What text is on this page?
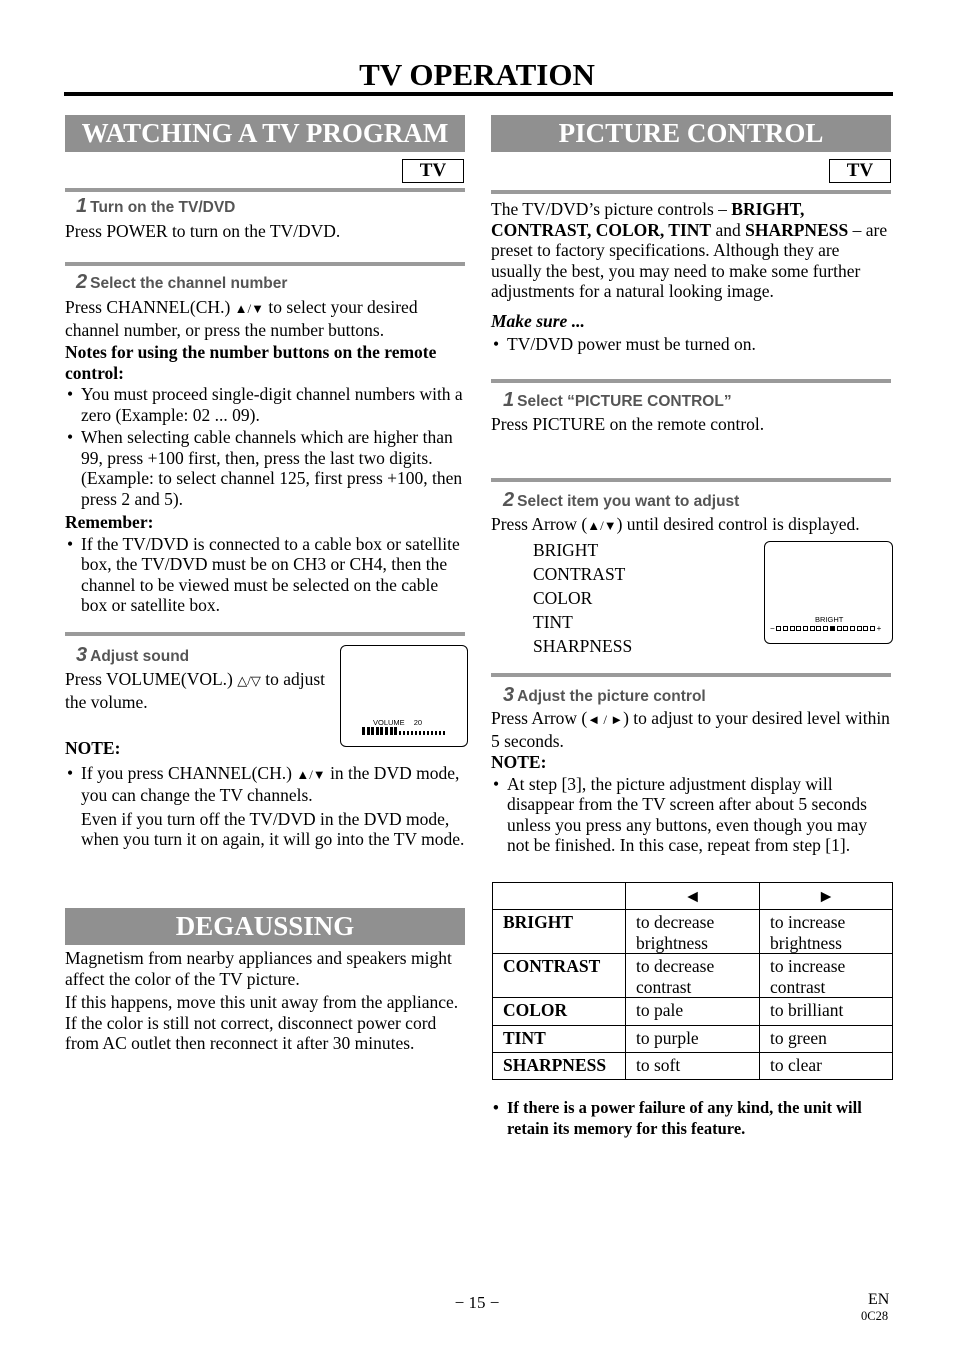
TV OPERATION
WATCHING A TV PROGRAM
TV
1 Turn on the TV/DVD
Press POWER to turn on the TV/DVD.
2 Select the channel number

Press CHANNEL(CH.) ▲/▼ to select your desired channel number, or press the number buttons.

Notes for using the number buttons on the remote control:

• You must proceed single-digit channel numbers with a zero (Example: 02 ... 09).

• When selecting cable channels which are higher than 99, press +100 first, then, press the last two digits. (Example: to select channel 125, first press +100, then press 2 and 5).

Remember:

• If the TV/DVD is connected to a cable box or satellite box, the TV/DVD must be on CH3 or CH4, then the channel to be viewed must be selected on the cable box or satellite box.

3 Adjust sound
Press VOLUME(VOL.) △/▽ to adjust the volume.
VOLUME 20

NOTE:

• If you press CHANNEL(CH.) ▲/▼ in the DVD mode, you can change the TV channels.

Even if you turn off the TV/DVD in the DVD mode, when you turn it on again, it will go into the TV mode.

DEGAUSSING

Magnetism from nearby appliances and speakers might affect the color of the TV picture.

If this happens, move this unit away from the appliance. If the color is still not correct, disconnect power cord from AC outlet then reconnect it after 30 minutes.

PICTURE CONTROL
TV

The TV/DVD’s picture controls – BRIGHT, CONTRAST, COLOR, TINT and SHARPNESS – are preset to factory specifications. Although they are usually the best, you may need to make some further adjustments for a natural looking image.

Make sure ...

• TV/DVD power must be turned on.

1 Select “PICTURE CONTROL”
Press PICTURE on the remote control.
2 Select item you want to adjust
Press Arrow (▲/▼) until desired control is displayed.

BRIGHT

CONTRAST

COLOR

TINT

SHARPNESS

BRIGHT
−	+
3 Adjust the picture control

Press Arrow (◄ / ►) to adjust to your desired level within 5 seconds.

NOTE:

• At step [3], the picture adjustment display will disappear from the TV screen after about 5 seconds unless you press any buttons, even though you may not be finished. In this case, repeat from step [1].

	◄	►
BRIGHT	to decrease brightness	to increase brightness
CONTRAST	to decrease contrast	to increase contrast
COLOR	to pale	to brilliant
TINT	to purple	to green
SHARPNESS	to soft	to clear
• If there is a power failure of any kind, the unit will retain its memory for this feature.
− 15 −	EN
0C28
